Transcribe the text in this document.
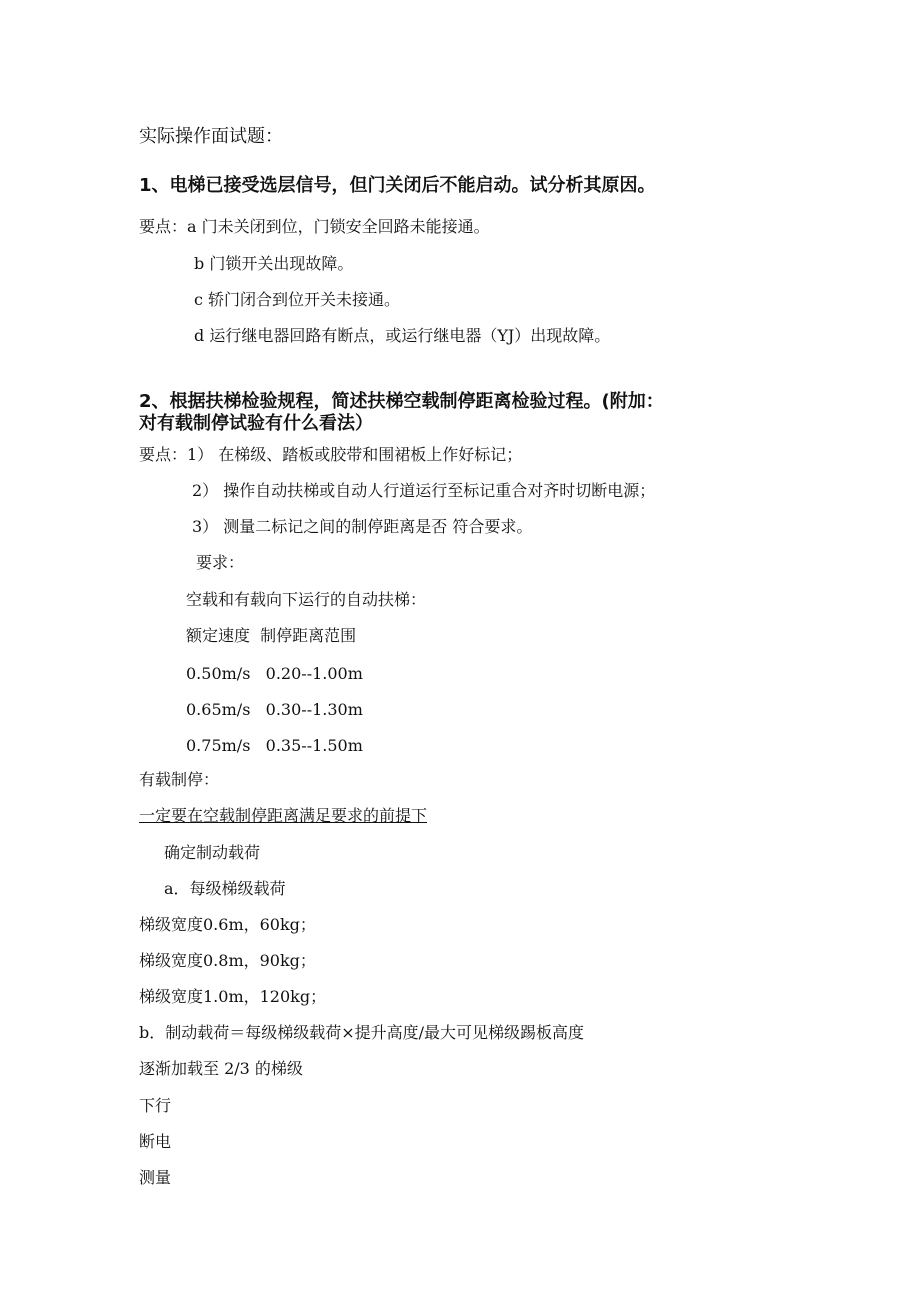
实际操作面试题：
1、电梯已接受选层信号，但门关闭后不能启动。试分析其原因。
要点：a 门未关闭到位，门锁安全回路未能接通。
b 门锁开关出现故障。
c 轿门闭合到位开关未接通。
d 运行继电器回路有断点，或运行继电器（YJ）出现故障。
2、根据扶梯检验规程，简述扶梯空载制停距离检验过程。(附加：
对有载制停试验有什么看法）
要点：1） 在梯级、踏板或胶带和围裙板上作好标记；
2） 操作自动扶梯或自动人行道运行至标记重合对齐时切断电源；
3） 测量二标记之间的制停距离是否 符合要求。
要求：
空载和有载向下运行的自动扶梯：
额定速度  制停距离范围
0.50m/s   0.20--1.00m
0.65m/s   0.30--1.30m
0.75m/s   0.35--1.50m
有载制停：
一定要在空载制停距离满足要求的前提下
确定制动载荷
a．每级梯级载荷
梯级宽度0.6m，60kg；
梯级宽度0.8m，90kg；
梯级宽度1.0m，120kg；
b．制动载荷＝每级梯级载荷×提升高度/最大可见梯级踢板高度
逐渐加载至 2/3 的梯级
下行
断电
测量
